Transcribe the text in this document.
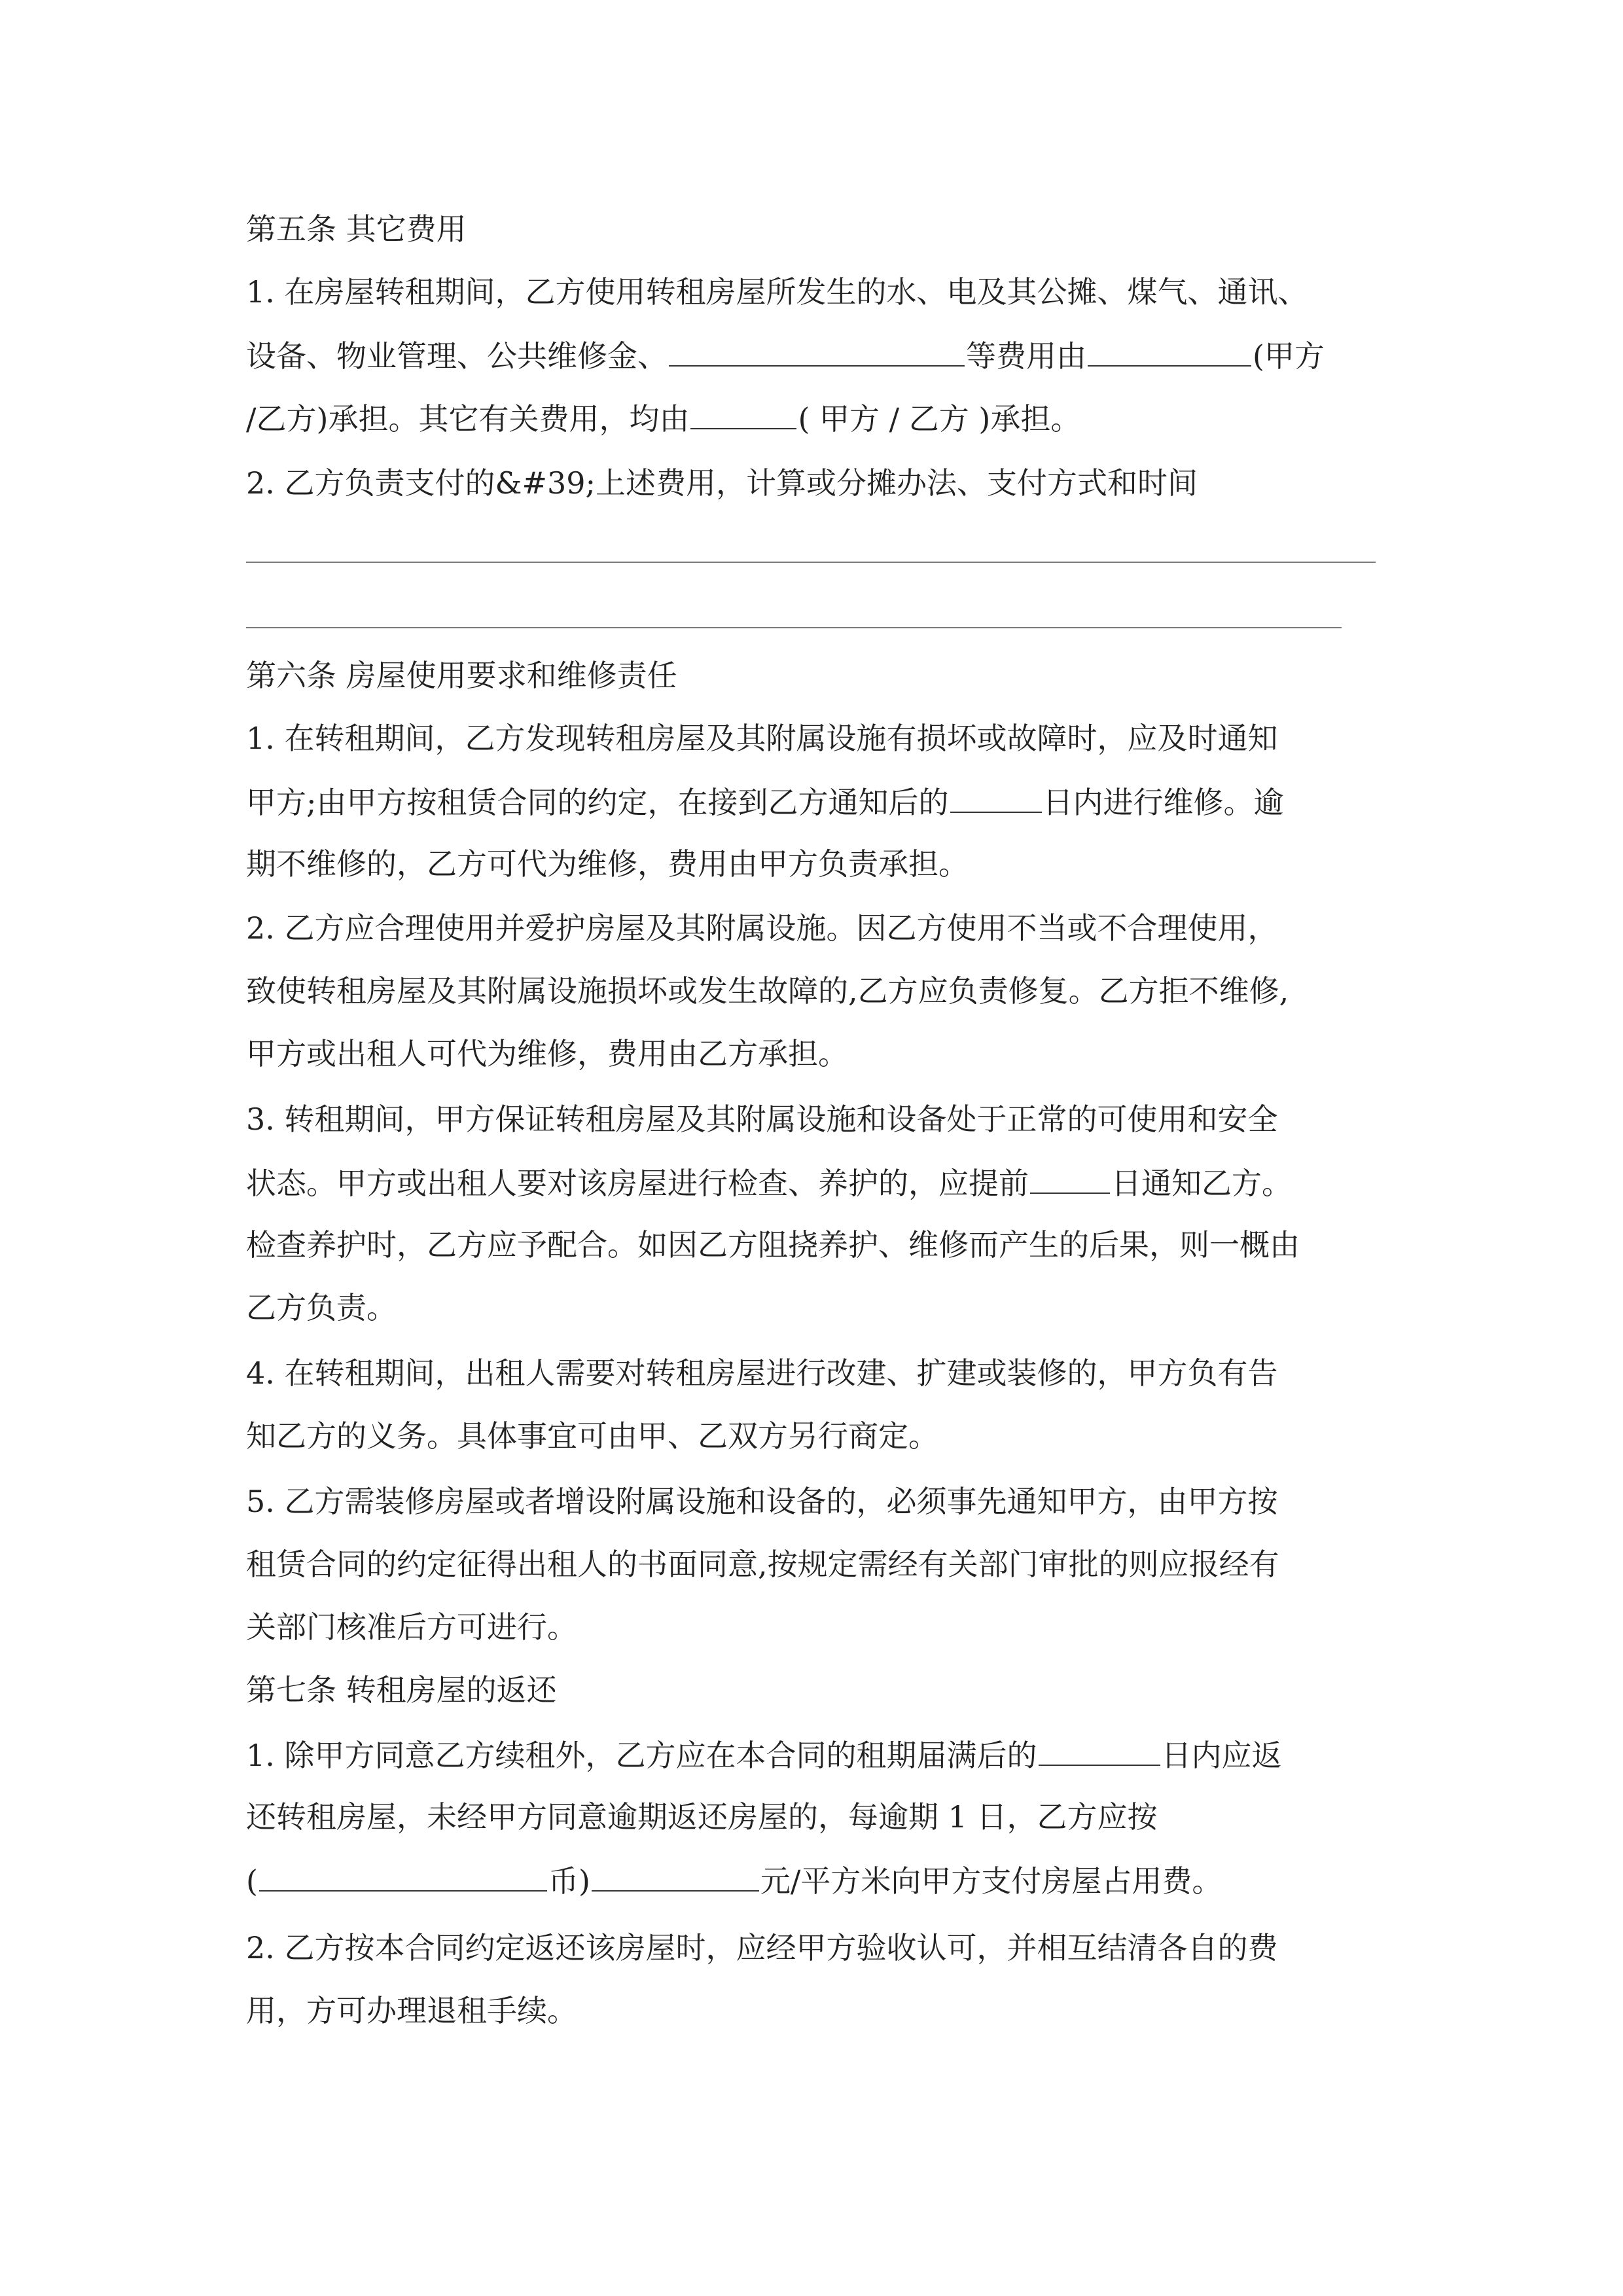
第五条 其它费用

1. 在房屋转租期间，乙方使用转租房屋所发生的水、电及其公摊、煤气、通讯、

设备、物业管理、公共维修金、	等费用由	(甲方

/乙方)承担。其它有关费用，均由	( 甲方 / 乙方 )承担。

2. 乙方负责支付的&#39;上述费用，计算或分摊办法、支付方式和时间

第六条 房屋使用要求和维修责任

1. 在转租期间，乙方发现转租房屋及其附属设施有损坏或故障时，应及时通知

甲方;由甲方按租赁合同的约定，在接到乙方通知后的	日内进行维修。逾

期不维修的，乙方可代为维修，费用由甲方负责承担。

2. 乙方应合理使用并爱护房屋及其附属设施。因乙方使用不当或不合理使用，

致使转租房屋及其附属设施损坏或发生故障的,乙方应负责修复。乙方拒不维修,

甲方或出租人可代为维修，费用由乙方承担。

3. 转租期间，甲方保证转租房屋及其附属设施和设备处于正常的可使用和安全

状态。甲方或出租人要对该房屋进行检查、养护的，应提前	日通知乙方。

检查养护时，乙方应予配合。如因乙方阻挠养护、维修而产生的后果，则一概由

乙方负责。

4. 在转租期间，出租人需要对转租房屋进行改建、扩建或装修的，甲方负有告

知乙方的义务。具体事宜可由甲、乙双方另行商定。

5. 乙方需装修房屋或者增设附属设施和设备的，必须事先通知甲方，由甲方按

租赁合同的约定征得出租人的书面同意,按规定需经有关部门审批的则应报经有

关部门核准后方可进行。

第七条 转租房屋的返还

1. 除甲方同意乙方续租外，乙方应在本合同的租期届满后的	日内应返

还转租房屋，未经甲方同意逾期返还房屋的，每逾期 1 日，乙方应按

(	币)	元/平方米向甲方支付房屋占用费。

2. 乙方按本合同约定返还该房屋时，应经甲方验收认可，并相互结清各自的费

用，方可办理退租手续。
